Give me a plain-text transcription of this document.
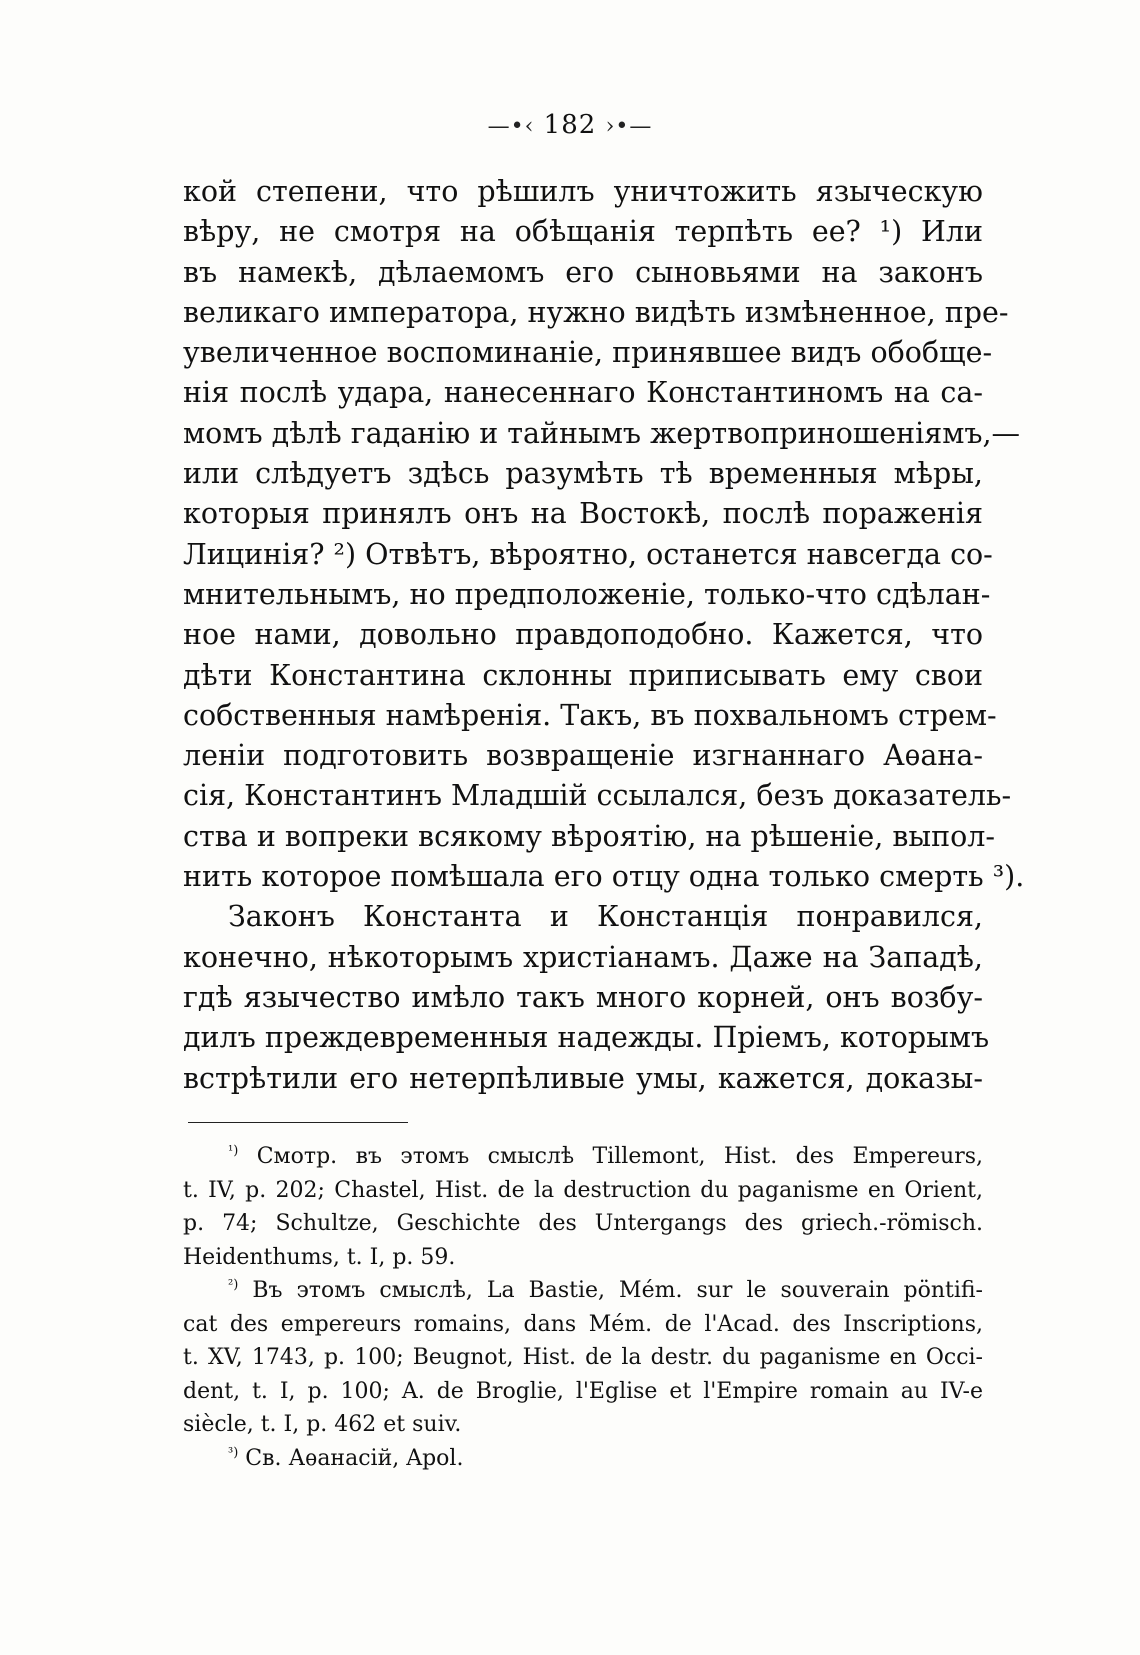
—•‹ 182 ›•—
кой степени, что рѣшилъ уничтожить языческую
вѣру, не смотря на обѣщанія терпѣть ее? ¹) Или
въ намекѣ, дѣлаемомъ его сыновьями на законъ
великаго императора, нужно видѣть измѣненное, пре-
увеличенное воспоминаніе, принявшее видъ обобще-
нія послѣ удара, нанесеннаго Константиномъ на са-
момъ дѣлѣ гаданію и тайнымъ жертвоприношеніямъ,—
или слѣдуетъ здѣсь разумѣть тѣ временныя мѣры,
которыя принялъ онъ на Востокѣ, послѣ пораженія
Лицинія? ²) Отвѣтъ, вѣроятно, останется навсегда со-
мнительнымъ, но предположеніе, только-что сдѣлан-
ное нами, довольно правдоподобно. Кажется, что
дѣти Константина склонны приписывать ему свои
собственныя намѣренія. Такъ, въ похвальномъ стрем-
леніи подготовить возвращеніе изгнаннаго Аѳана-
сія, Константинъ Младшій ссылался, безъ доказатель-
ства и вопреки всякому вѣроятію, на рѣшеніе, выпол-
нить которое помѣшала его отцу одна только смерть ³).
Законъ Константа и Констанція понравился,
конечно, нѣкоторымъ христіанамъ. Даже на Западѣ,
гдѣ язычество имѣло такъ много корней, онъ возбу-
дилъ преждевременныя надежды. Пріемъ, которымъ
встрѣтили его нетерпѣливые умы, кажется, доказы-
$^{^1)}$ Смотр. въ этомъ смыслѣ Tillemont, Hist. des Empereurs,
t. IV, p. 202; Chastel, Hist. de la destruction du paganisme en Orient,
p. 74; Schultze, Geschichte des Untergangs des griech.-römisch.
Heidenthums, t. I, p. 59.
$^{^2)}$ Въ этомъ смыслѣ, La Bastie, Mém. sur le souverain pöntifi-
cat des empereurs romains, dans Mém. de l'Acad. des Inscriptions,
t. XV, 1743, p. 100; Beugnot, Hist. de la destr. du paganisme en Occi-
dent, t. I, p. 100; A. de Broglie, l'Eglise et l'Empire romain au IV-e
siècle, t. I, p. 462 et suiv.
$^{^3)}$ Св. Аѳанасій, Apol.
